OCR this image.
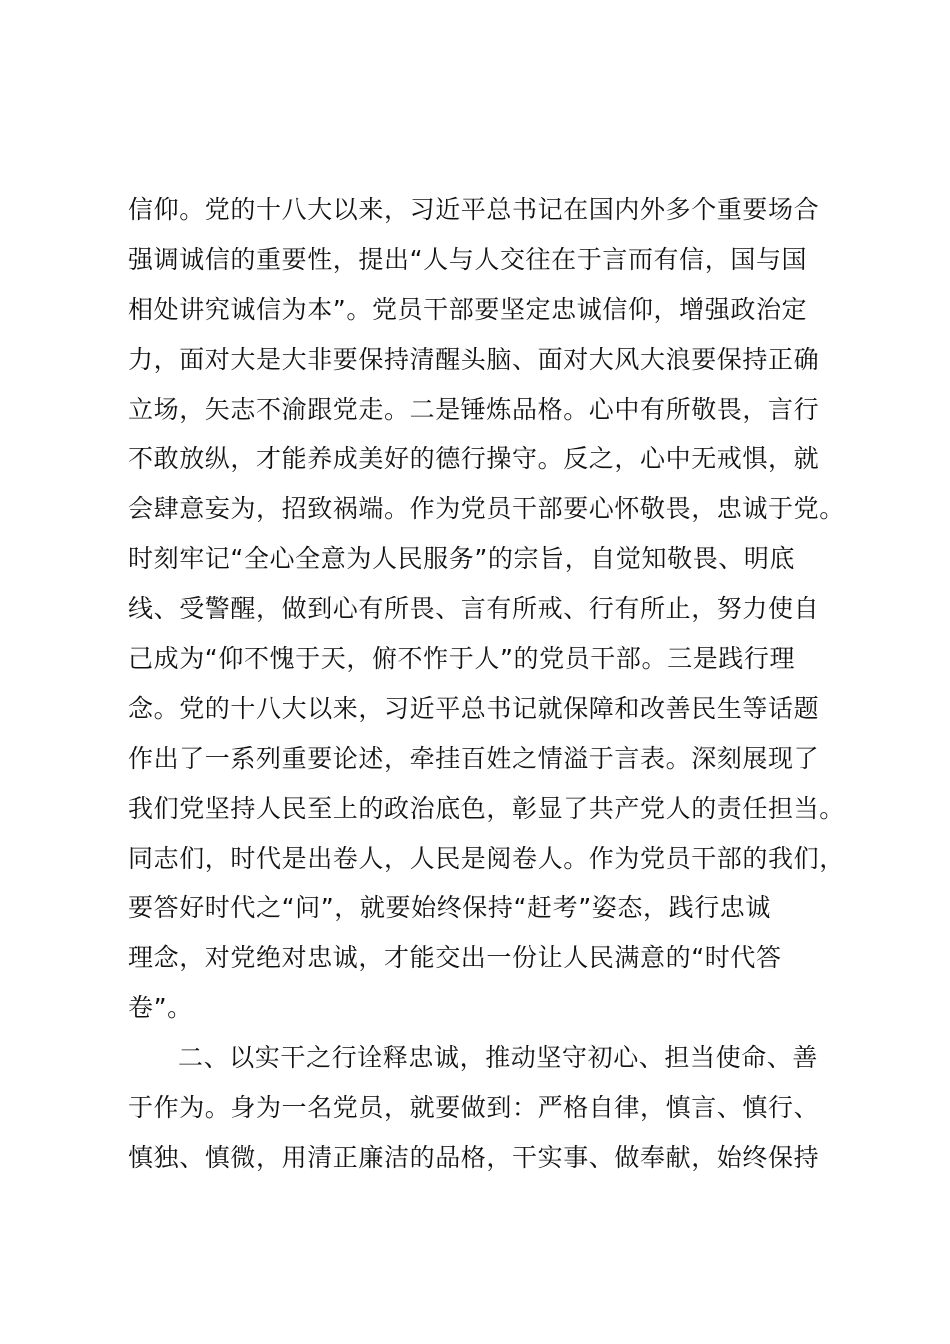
信仰。党的十八大以来，习近平总书记在国内外多个重要场合
强调诚信的重要性，提出“人与人交往在于言而有信，国与国
相处讲究诚信为本”。党员干部要坚定忠诚信仰，增强政治定
力，面对大是大非要保持清醒头脑、面对大风大浪要保持正确
立场，矢志不渝跟党走。二是锤炼品格。心中有所敬畏，言行
不敢放纵，才能养成美好的德行操守。反之，心中无戒惧，就
会肆意妄为，招致祸端。作为党员干部要心怀敬畏，忠诚于党。
时刻牢记“全心全意为人民服务”的宗旨，自觉知敬畏、明底
线、受警醒，做到心有所畏、言有所戒、行有所止，努力使自
己成为“仰不愧于天，俯不怍于人”的党员干部。三是践行理
念。党的十八大以来，习近平总书记就保障和改善民生等话题
作出了一系列重要论述，牵挂百姓之情溢于言表。深刻展现了
我们党坚持人民至上的政治底色，彰显了共产党人的责任担当。
同志们，时代是出卷人，人民是阅卷人。作为党员干部的我们，
要答好时代之“问”，就要始终保持“赶考”姿态，践行忠诚
理念，对党绝对忠诚，才能交出一份让人民满意的“时代答
卷”。
二、以实干之行诠释忠诚，推动坚守初心、担当使命、善
于作为。身为一名党员，就要做到：严格自律，慎言、慎行、
慎独、慎微，用清正廉洁的品格，干实事、做奉献，始终保持
